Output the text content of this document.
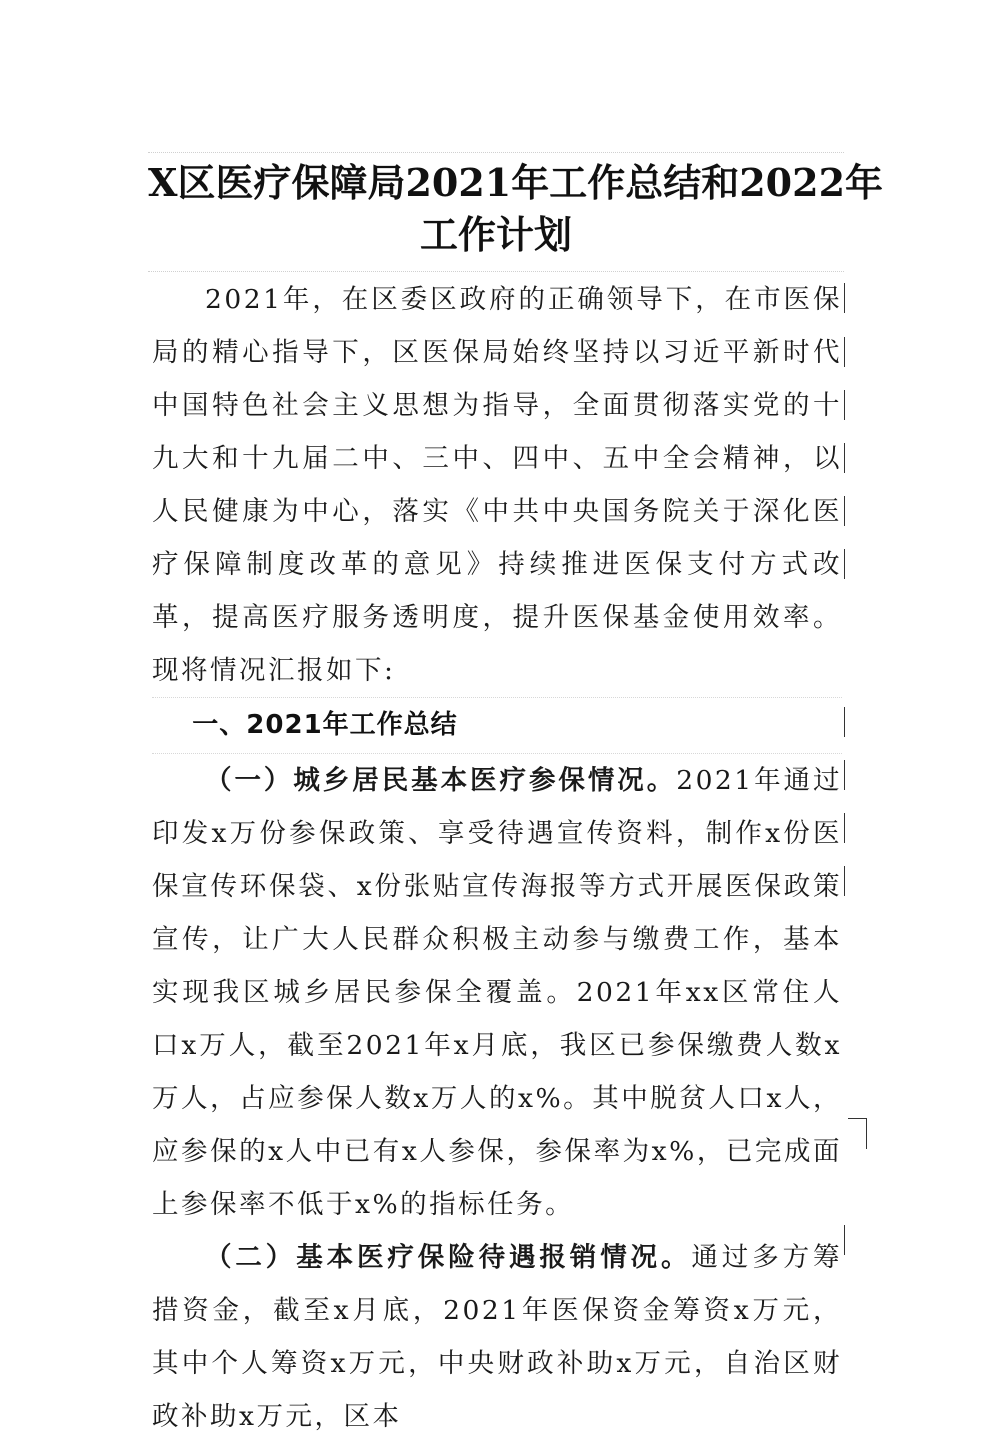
X区医疗保障局2021年工作总结和2022年
工作计划

2021年，在区委区政府的正确领导下，在市医保局的精心指导下，区医保局始终坚持以习近平新时代中国特色社会主义思想为指导，全面贯彻落实党的十九大和十九届二中、三中、四中、五中全会精神，以人民健康为中心，落实《中共中央国务院关于深化医疗保障制度改革的意见》持续推进医保支付方式改革，提高医疗服务透明度，提升医保基金使用效率。现将情况汇报如下:

一、2021年工作总结

（一）城乡居民基本医疗参保情况。2021年通过印发x万份参保政策、享受待遇宣传资料，制作x份医保宣传环保袋、x份张贴宣传海报等方式开展医保政策宣传，让广大人民群众积极主动参与缴费工作，基本实现我区城乡居民参保全覆盖。2021年xx区常住人口x万人，截至2021年x月底，我区已参保缴费人数x万人，占应参保人数x万人的x%。其中脱贫人口x人，应参保的x人中已有x人参保，参保率为x%，已完成面上参保率不低于x%的指标任务。

（二）基本医疗保险待遇报销情况。通过多方筹措资金，截至x月底，2021年医保资金筹资x万元，其中个人筹资x万元，中央财政补助x万元，自治区财政补助x万元，区本
